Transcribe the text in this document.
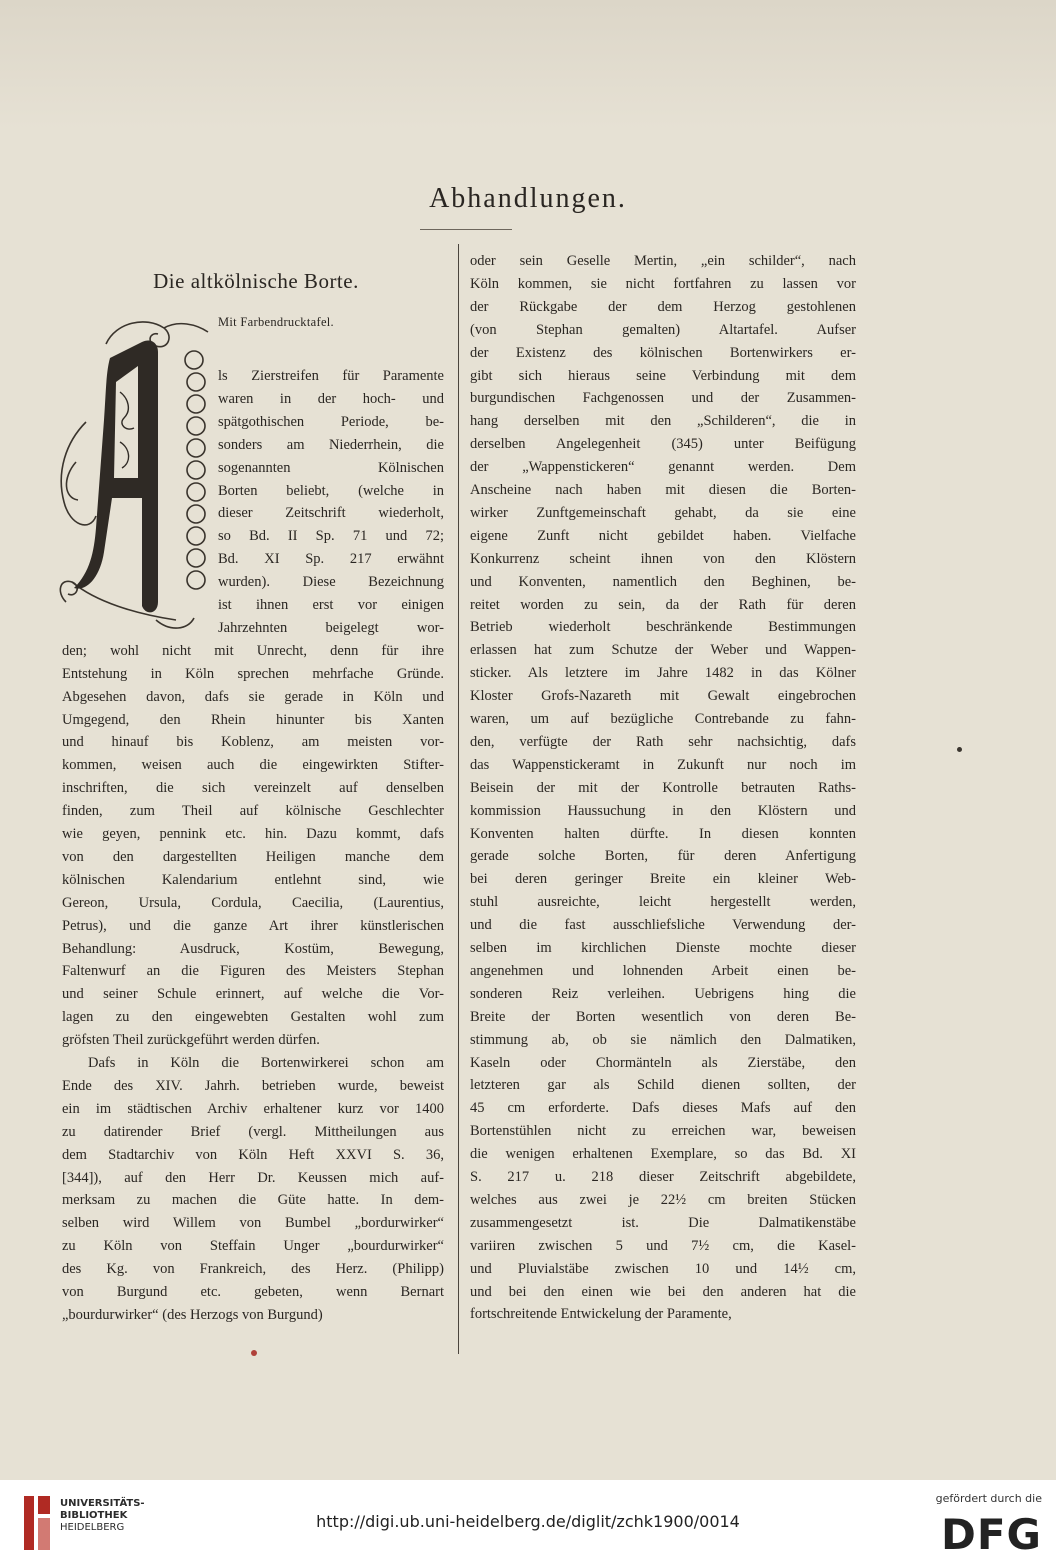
Abhandlungen.
Die altkölnische Borte.
Mit Farbendrucktafel.
ls Zierstreifen für Paramente
waren in der hoch- und
spätgothischen Periode, be-
sonders am Niederrhein, die
sogenannten Kölnischen
Borten beliebt, (welche in
dieser Zeitschrift wiederholt,
so Bd. II Sp. 71 und 72;
Bd. XI Sp. 217 erwähnt
wurden). Diese Bezeichnung
ist ihnen erst vor einigen
Jahrzehnten beigelegt wor-
den; wohl nicht mit Unrecht, denn für ihre
Entstehung in Köln sprechen mehrfache Gründe.
Abgesehen davon, dafs sie gerade in Köln und
Umgegend, den Rhein hinunter bis Xanten
und hinauf bis Koblenz, am meisten vor-
kommen, weisen auch die eingewirkten Stifter-
inschriften, die sich vereinzelt auf denselben
finden, zum Theil auf kölnische Geschlechter
wie geyen, pennink etc. hin. Dazu kommt, dafs
von den dargestellten Heiligen manche dem
kölnischen Kalendarium entlehnt sind, wie
Gereon, Ursula, Cordula, Caecilia, (Laurentius,
Petrus), und die ganze Art ihrer künstlerischen
Behandlung: Ausdruck, Kostüm, Bewegung,
Faltenwurf an die Figuren des Meisters Stephan
und seiner Schule erinnert, auf welche die Vor-
lagen zu den eingewebten Gestalten wohl zum
gröfsten Theil zurückgeführt werden dürfen.
Dafs in Köln die Bortenwirkerei schon am
Ende des XIV. Jahrh. betrieben wurde, beweist
ein im städtischen Archiv erhaltener kurz vor 1400
zu datirender Brief (vergl. Mittheilungen aus
dem Stadtarchiv von Köln Heft XXVI S. 36,
[344]), auf den Herr Dr. Keussen mich auf-
merksam zu machen die Güte hatte. In dem-
selben wird Willem von Bumbel „bordurwirker“
zu Köln von Steffain Unger „bourdurwirker“
des Kg. von Frankreich, des Herz. (Philipp)
von Burgund etc. gebeten, wenn Bernart
„bourdurwirker“ (des Herzogs von Burgund)
oder sein Geselle Mertin, „ein schilder“, nach
Köln kommen, sie nicht fortfahren zu lassen vor
der Rückgabe der dem Herzog gestohlenen
(von Stephan gemalten) Altartafel. Aufser
der Existenz des kölnischen Bortenwirkers er-
gibt sich hieraus seine Verbindung mit dem
burgundischen Fachgenossen und der Zusammen-
hang derselben mit den „Schilderen“, die in
derselben Angelegenheit (345) unter Beifügung
der „Wappenstickeren“ genannt werden. Dem
Anscheine nach haben mit diesen die Borten-
wirker Zunftgemeinschaft gehabt, da sie eine
eigene Zunft nicht gebildet haben. Vielfache
Konkurrenz scheint ihnen von den Klöstern
und Konventen, namentlich den Beghinen, be-
reitet worden zu sein, da der Rath für deren
Betrieb wiederholt beschränkende Bestimmungen
erlassen hat zum Schutze der Weber und Wappen-
sticker. Als letztere im Jahre 1482 in das Kölner
Kloster Grofs-Nazareth mit Gewalt eingebrochen
waren, um auf bezügliche Contrebande zu fahn-
den, verfügte der Rath sehr nachsichtig, dafs
das Wappenstickeramt in Zukunft nur noch im
Beisein der mit der Kontrolle betrauten Raths-
kommission Haussuchung in den Klöstern und
Konventen halten dürfte. In diesen konnten
gerade solche Borten, für deren Anfertigung
bei deren geringer Breite ein kleiner Web-
stuhl ausreichte, leicht hergestellt werden,
und die fast ausschliefsliche Verwendung der-
selben im kirchlichen Dienste mochte dieser
angenehmen und lohnenden Arbeit einen be-
sonderen Reiz verleihen. Uebrigens hing die
Breite der Borten wesentlich von deren Be-
stimmung ab, ob sie nämlich den Dalmatiken,
Kaseln oder Chormänteln als Zierstäbe, den
letzteren gar als Schild dienen sollten, der
45 cm erforderte. Dafs dieses Mafs auf den
Bortenstühlen nicht zu erreichen war, beweisen
die wenigen erhaltenen Exemplare, so das Bd. XI
S. 217 u. 218 dieser Zeitschrift abgebildete,
welches aus zwei je 22½ cm breiten Stücken
zusammengesetzt ist. Die Dalmatikenstäbe
variiren zwischen 5 und 7½ cm, die Kasel-
und Pluvialstäbe zwischen 10 und 14½ cm,
und bei den einen wie bei den anderen hat die
fortschreitende Entwickelung der Paramente,
UNIVERSITÄTS-
BIBLIOTHEK
HEIDELBERG	http://digi.ub.uni-heidelberg.de/diglit/zchk1900/0014
gefördert durch die
DFG
